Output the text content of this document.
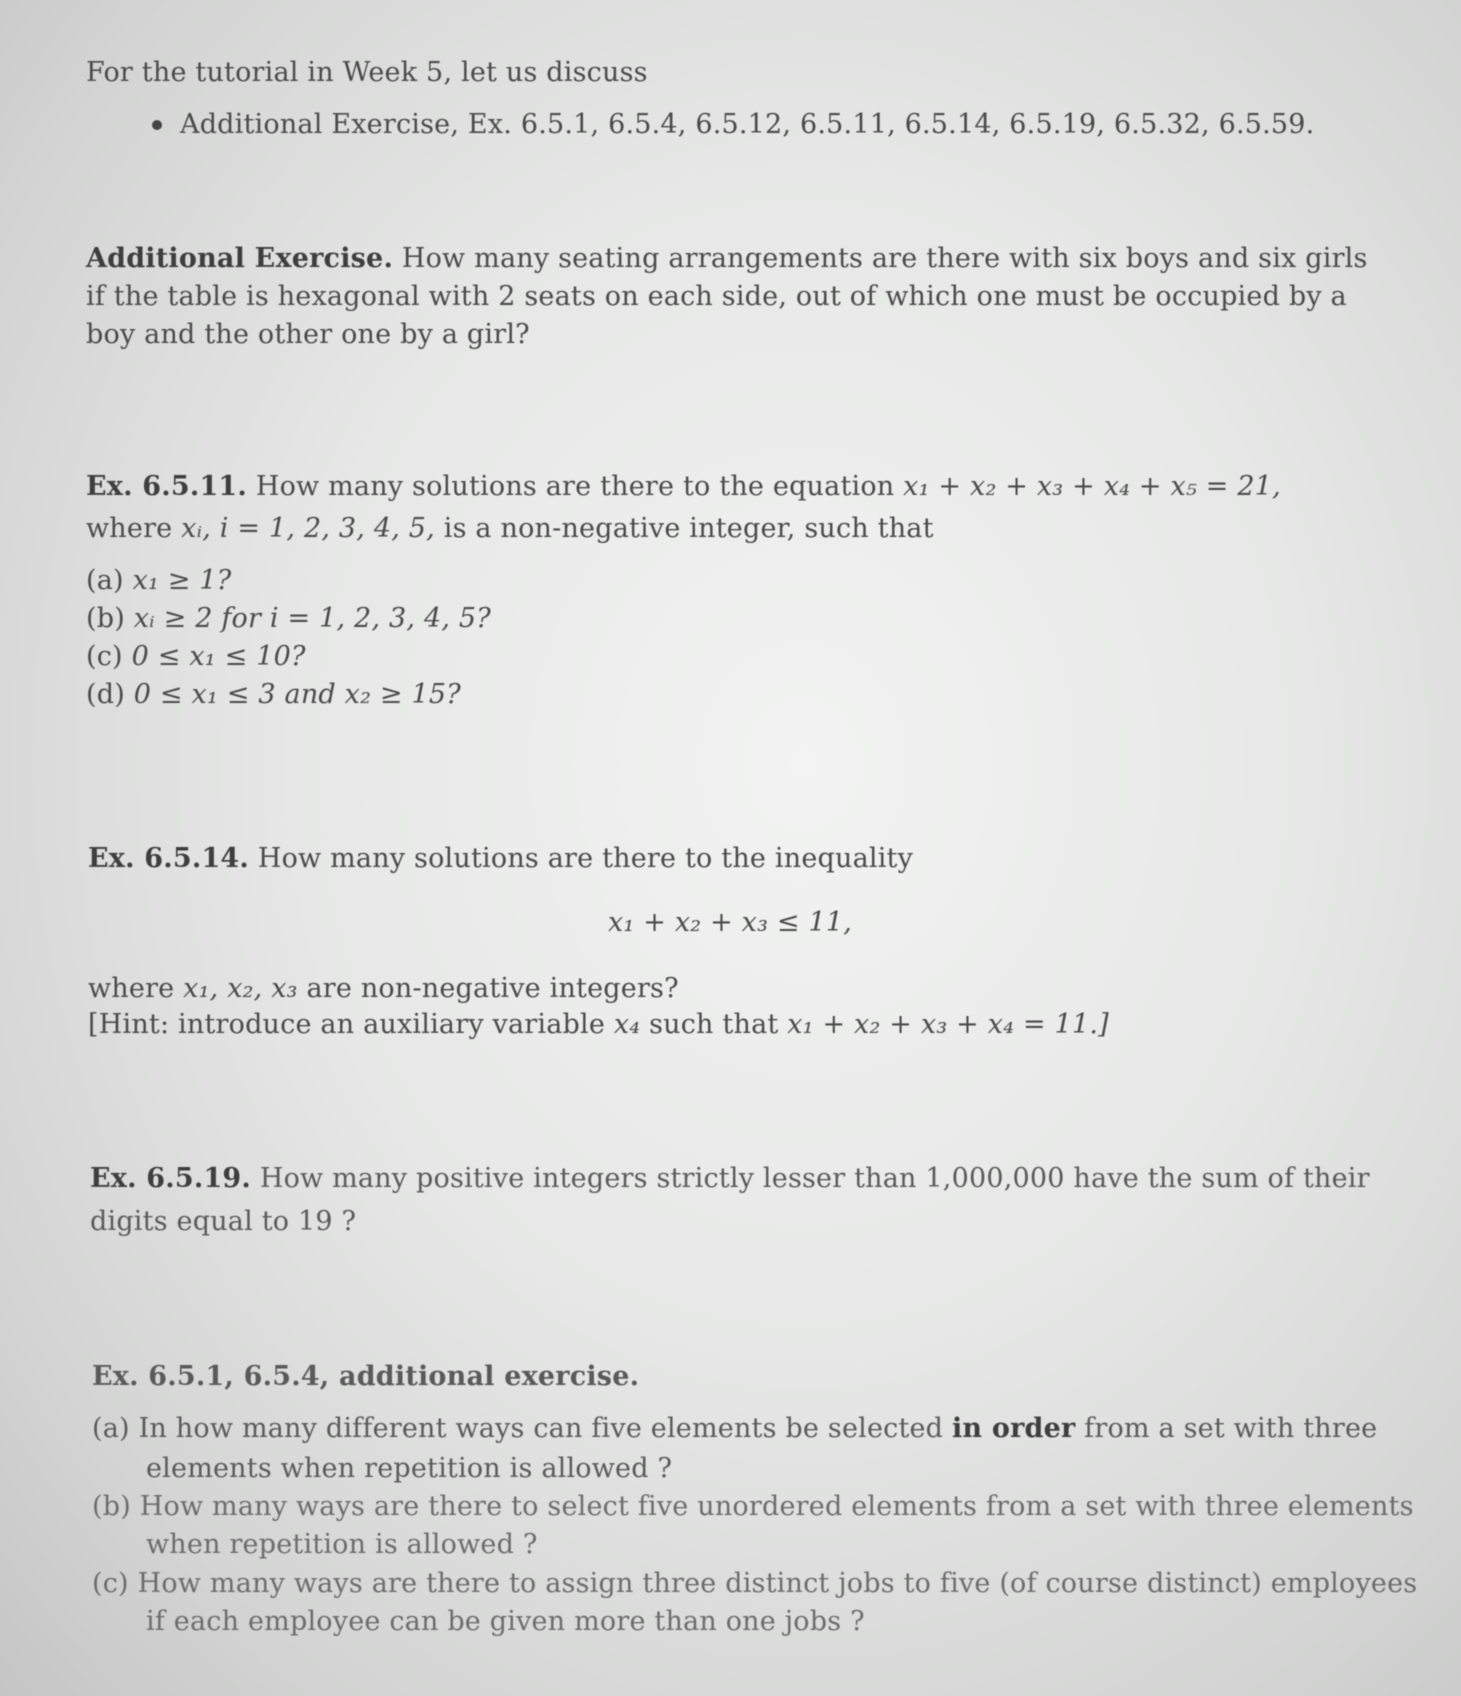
For the tutorial in Week 5, let us discuss
Additional Exercise, Ex. 6.5.1, 6.5.4, 6.5.12, 6.5.11, 6.5.14, 6.5.19, 6.5.32, 6.5.59.
Additional Exercise. How many seating arrangements are there with six boys and six girls
if the table is hexagonal with 2 seats on each side, out of which one must be occupied by a
boy and the other one by a girl?
Ex. 6.5.11. How many solutions are there to the equation x₁ + x₂ + x₃ + x₄ + x₅ = 21,
where xᵢ, i = 1, 2, 3, 4, 5, is a non-negative integer, such that
(a) x₁ ≥ 1?
(b) xᵢ ≥ 2 for i = 1, 2, 3, 4, 5?
(c) 0 ≤ x₁ ≤ 10?
(d) 0 ≤ x₁ ≤ 3 and x₂ ≥ 15?
Ex. 6.5.14. How many solutions are there to the inequality
x₁ + x₂ + x₃ ≤ 11,
where x₁, x₂, x₃ are non-negative integers?
[Hint: introduce an auxiliary variable x₄ such that x₁ + x₂ + x₃ + x₄ = 11.]
Ex. 6.5.19. How many positive integers strictly lesser than 1,000,000 have the sum of their
digits equal to 19 ?
Ex. 6.5.1, 6.5.4, additional exercise.
(a) In how many different ways can five elements be selected in order from a set with three
elements when repetition is allowed ?
(b) How many ways are there to select five unordered elements from a set with three elements
when repetition is allowed ?
(c) How many ways are there to assign three distinct jobs to five (of course distinct) employees
if each employee can be given more than one jobs ?
